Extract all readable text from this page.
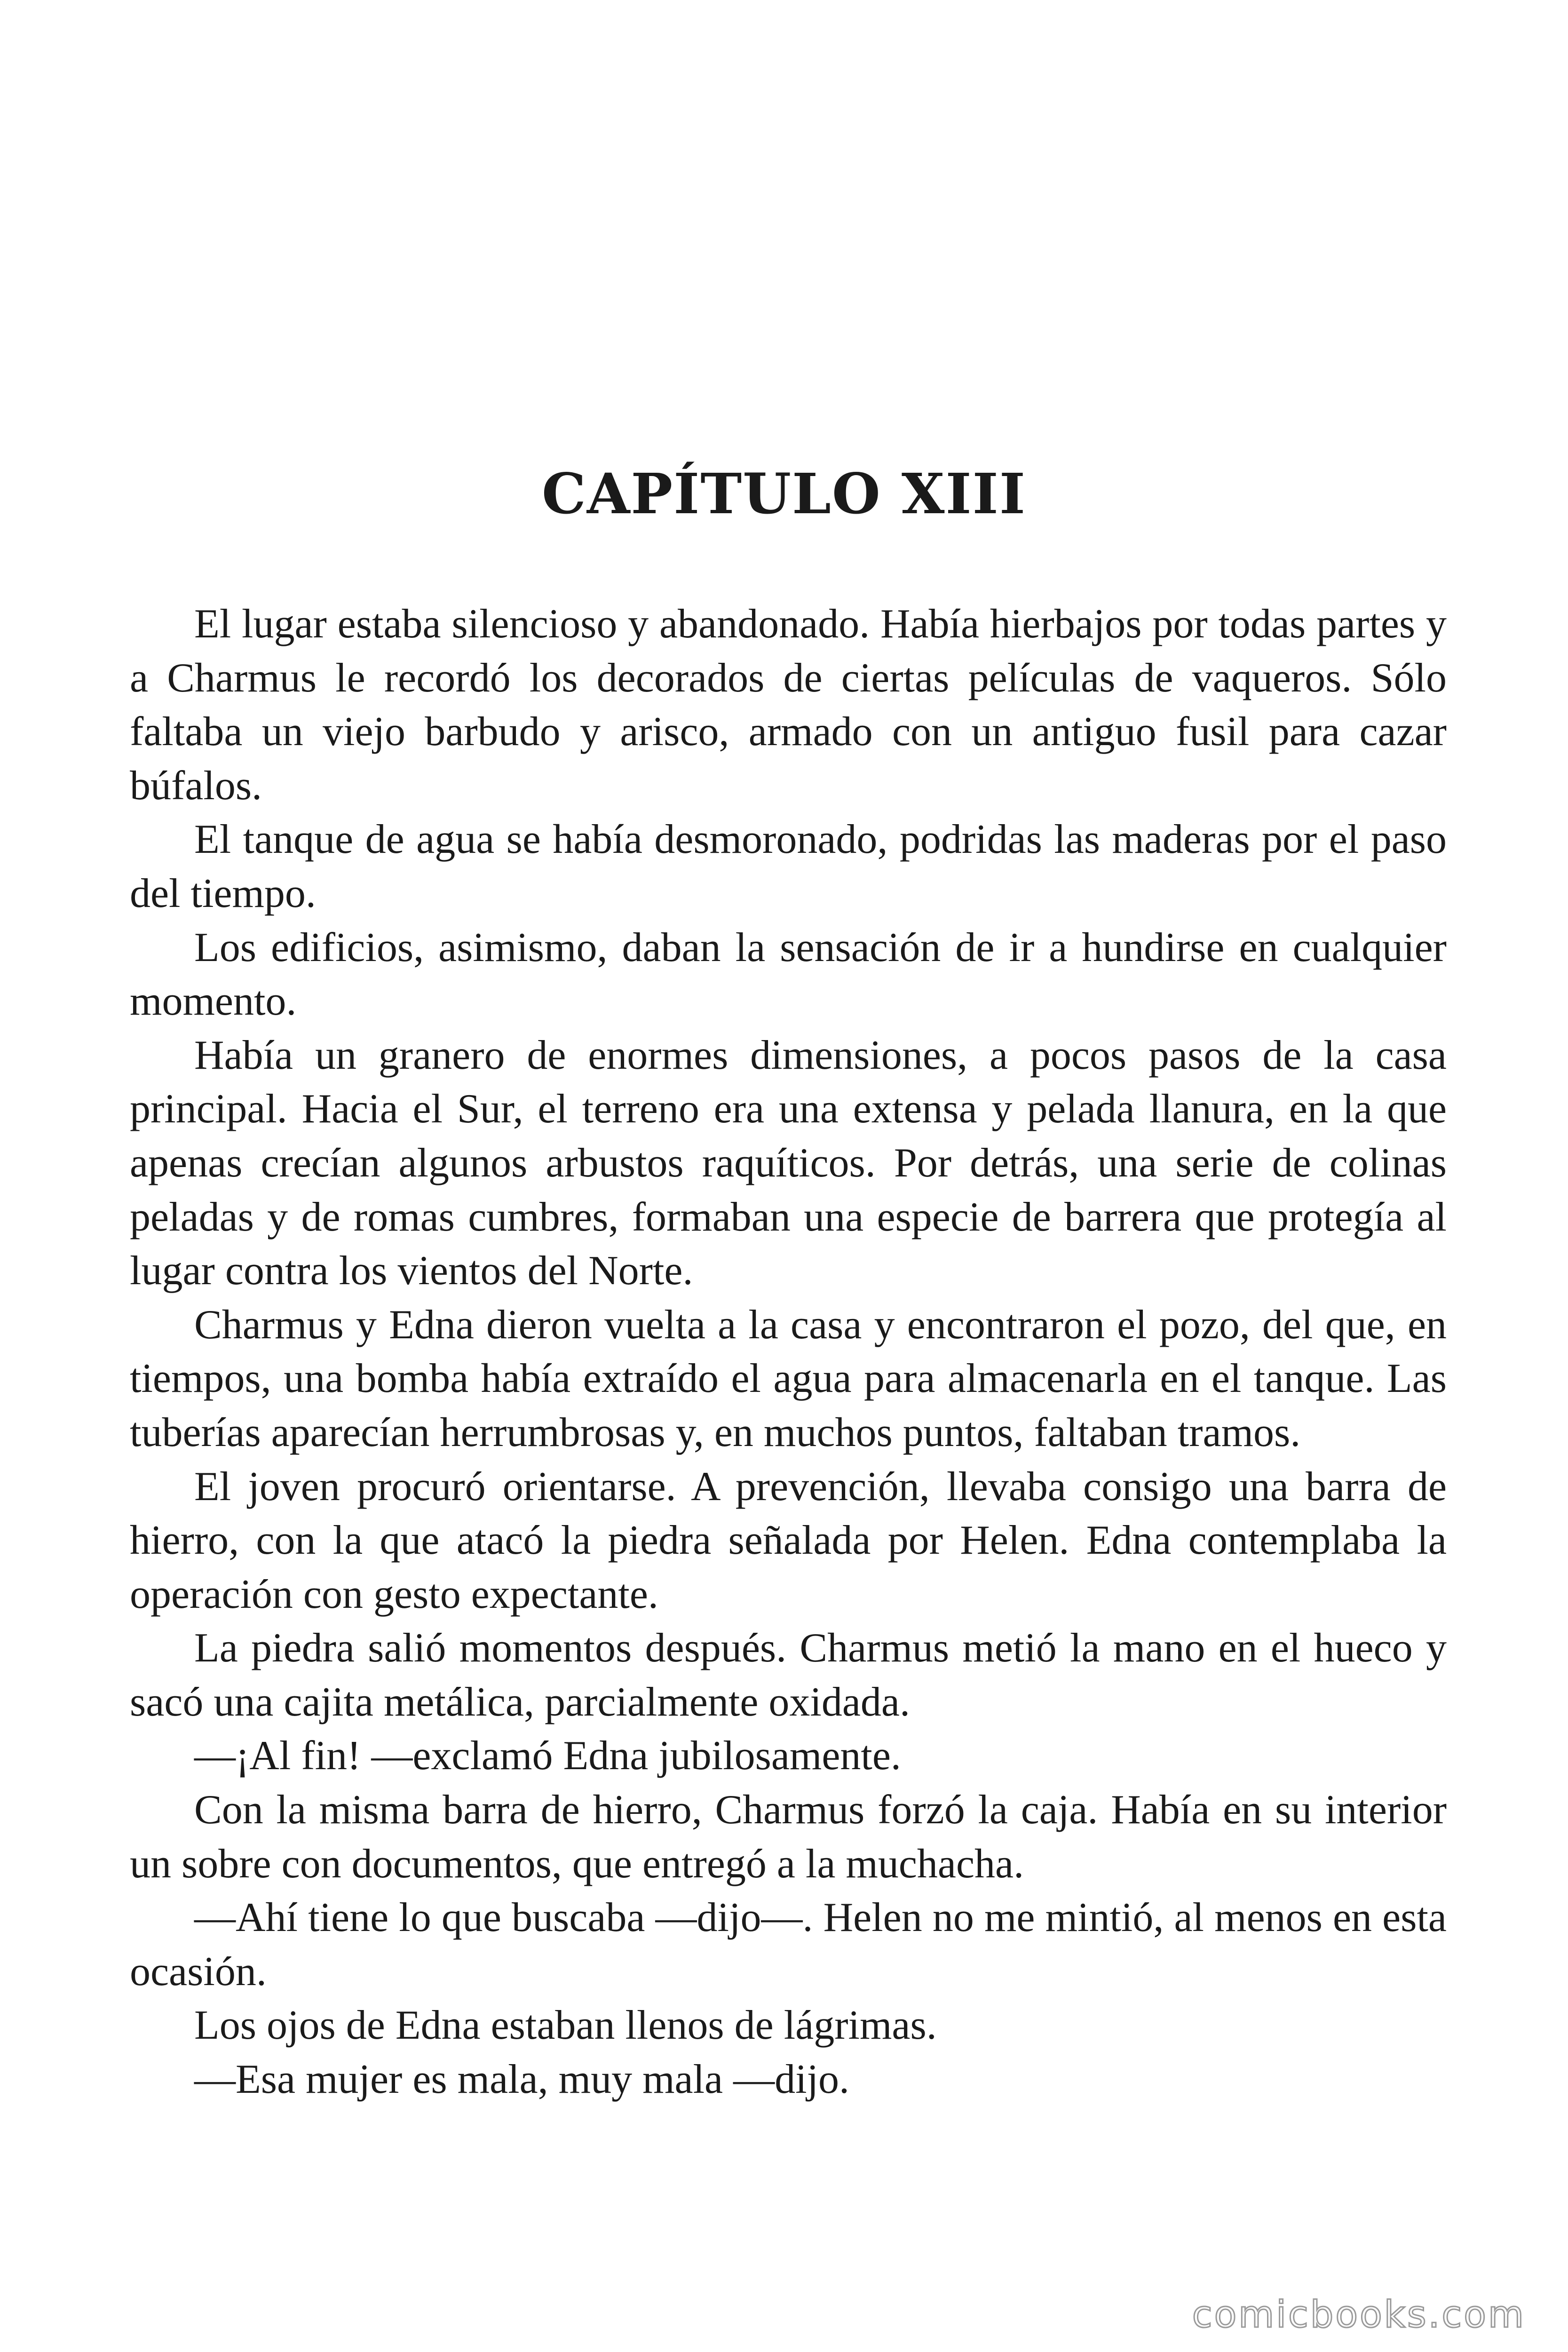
CAPÍTULO XIII

El lugar estaba silencioso y abandonado. Había hierbajos por todas partes y a Charmus le recordó los decorados de ciertas películas de vaqueros. Sólo faltaba un viejo barbudo y arisco, armado con un antiguo fusil para cazar búfalos.

El tanque de agua se había desmoronado, podridas las maderas por el paso del tiempo.

Los edificios, asimismo, daban la sensación de ir a hundirse en cualquier momento.

Había un granero de enormes dimensiones, a pocos pasos de la casa principal. Hacia el Sur, el terreno era una extensa y pelada llanura, en la que apenas crecían algunos arbustos raquíticos. Por detrás, una serie de colinas peladas y de romas cumbres, formaban una especie de barrera que protegía al lugar contra los vientos del Norte.

Charmus y Edna dieron vuelta a la casa y encontraron el pozo, del que, en tiempos, una bomba había extraído el agua para almacenarla en el tanque. Las tuberías aparecían herrumbrosas y, en muchos puntos, faltaban tramos.

El joven procuró orientarse. A prevención, llevaba consigo una barra de hierro, con la que atacó la piedra señalada por Helen. Edna contemplaba la operación con gesto expectante.

La piedra salió momentos después. Charmus metió la mano en el hueco y sacó una cajita metálica, parcialmente oxidada.

—¡Al fin! —exclamó Edna jubilosamente.

Con la misma barra de hierro, Charmus forzó la caja. Había en su interior un sobre con documentos, que entregó a la muchacha.

—Ahí tiene lo que buscaba —dijo—. Helen no me mintió, al menos en esta ocasión.

Los ojos de Edna estaban llenos de lágrimas.

—Esa mujer es mala, muy mala —dijo.

comicbooks.com
